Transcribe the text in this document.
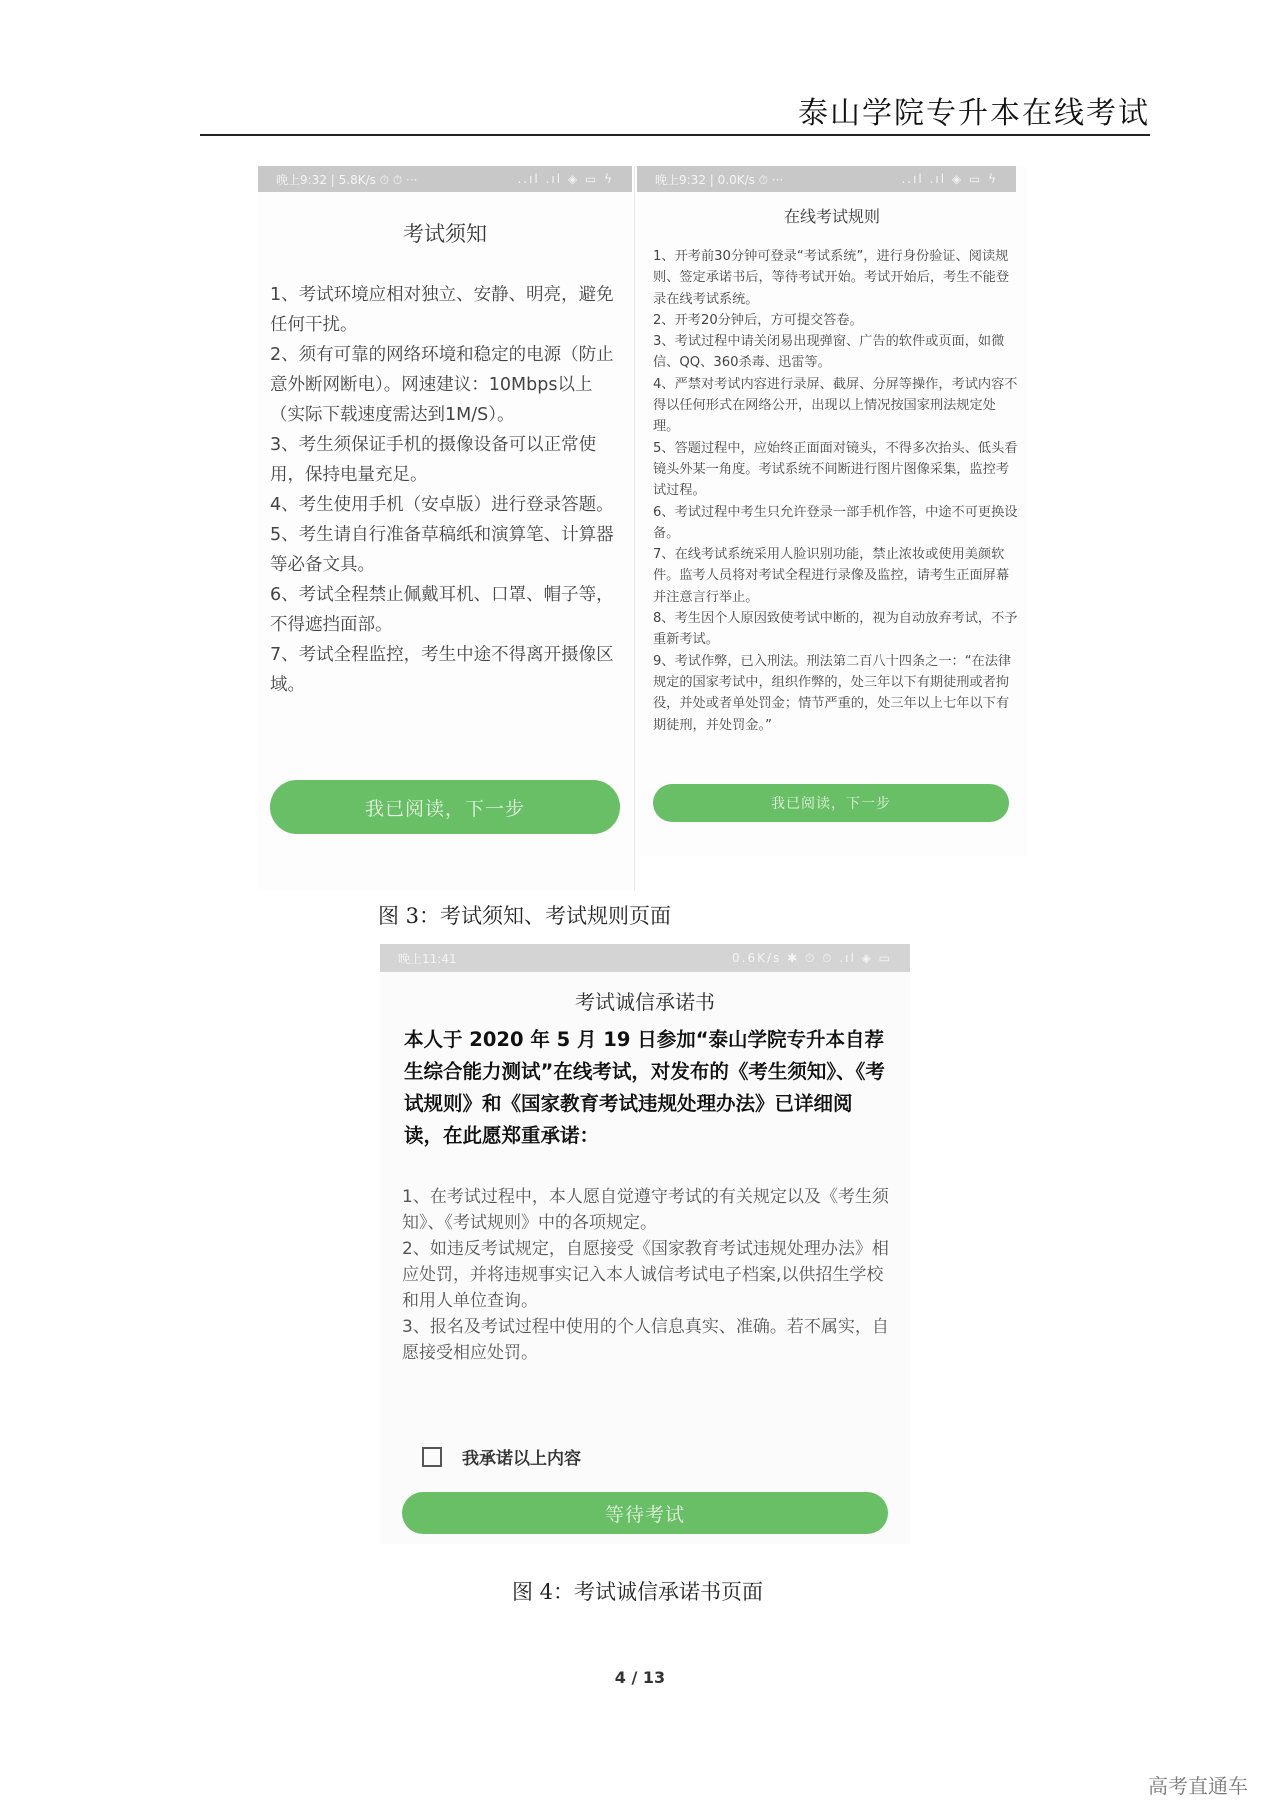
泰山学院专升本在线考试
晚上9:32 | 5.8K/s ⏱ ⏱ ···	..ıl .ıl ◈ ▭ ϟ
考试须知
1、考试环境应相对独立、安静、明亮，避免任何干扰。
2、须有可靠的网络环境和稳定的电源（防止意外断网断电）。网速建议：10Mbps以上（实际下载速度需达到1M/S）。
3、考生须保证手机的摄像设备可以正常使用，保持电量充足。
4、考生使用手机（安卓版）进行登录答题。
5、考生请自行准备草稿纸和演算笔、计算器等必备文具。
6、考试全程禁止佩戴耳机、口罩、帽子等，不得遮挡面部。
7、考试全程监控，考生中途不得离开摄像区域。
我已阅读，下一步
晚上9:32 | 0.0K/s ⏱ ···	..ıl .ıl ◈ ▭ ϟ
在线考试规则
1、开考前30分钟可登录“考试系统”，进行身份验证、阅读规则、签定承诺书后，等待考试开始。考试开始后，考生不能登录在线考试系统。
2、开考20分钟后，方可提交答卷。
3、考试过程中请关闭易出现弹窗、广告的软件或页面，如微信、QQ、360杀毒、迅雷等。
4、严禁对考试内容进行录屏、截屏、分屏等操作，考试内容不得以任何形式在网络公开，出现以上情况按国家刑法规定处理。
5、答题过程中，应始终正面面对镜头，不得多次抬头、低头看镜头外某一角度。考试系统不间断进行图片图像采集，监控考试过程。
6、考试过程中考生只允许登录一部手机作答，中途不可更换设备。
7、在线考试系统采用人脸识别功能，禁止浓妆或使用美颜软件。监考人员将对考试全程进行录像及监控，请考生正面屏幕并注意言行举止。
8、考生因个人原因致使考试中断的，视为自动放弃考试，不予重新考试。
9、考试作弊，已入刑法。刑法第二百八十四条之一：“在法律规定的国家考试中，组织作弊的，处三年以下有期徒刑或者拘役，并处或者单处罚金；情节严重的，处三年以上七年以下有期徒刑，并处罚金。”
我已阅读，下一步
图 3：考试须知、考试规则页面
晚上11:41	0.6K/s ✱ ⏱ ⏱ .ıl ◈ ▭
考试诚信承诺书
本人于 2020 年 5 月 19 日参加“泰山学院专升本自荐生综合能力测试”在线考试，对发布的《考生须知》、《考试规则》和《国家教育考试违规处理办法》已详细阅读，在此愿郑重承诺：
1、在考试过程中，本人愿自觉遵守考试的有关规定以及《考生须知》、《考试规则》中的各项规定。
2、如违反考试规定，自愿接受《国家教育考试违规处理办法》相应处罚，并将违规事实记入本人诚信考试电子档案,以供招生学校和用人单位查询。
3、报名及考试过程中使用的个人信息真实、准确。若不属实，自愿接受相应处罚。
我承诺以上内容
等待考试
图 4：考试诚信承诺书页面
4 / 13
高考直通车
